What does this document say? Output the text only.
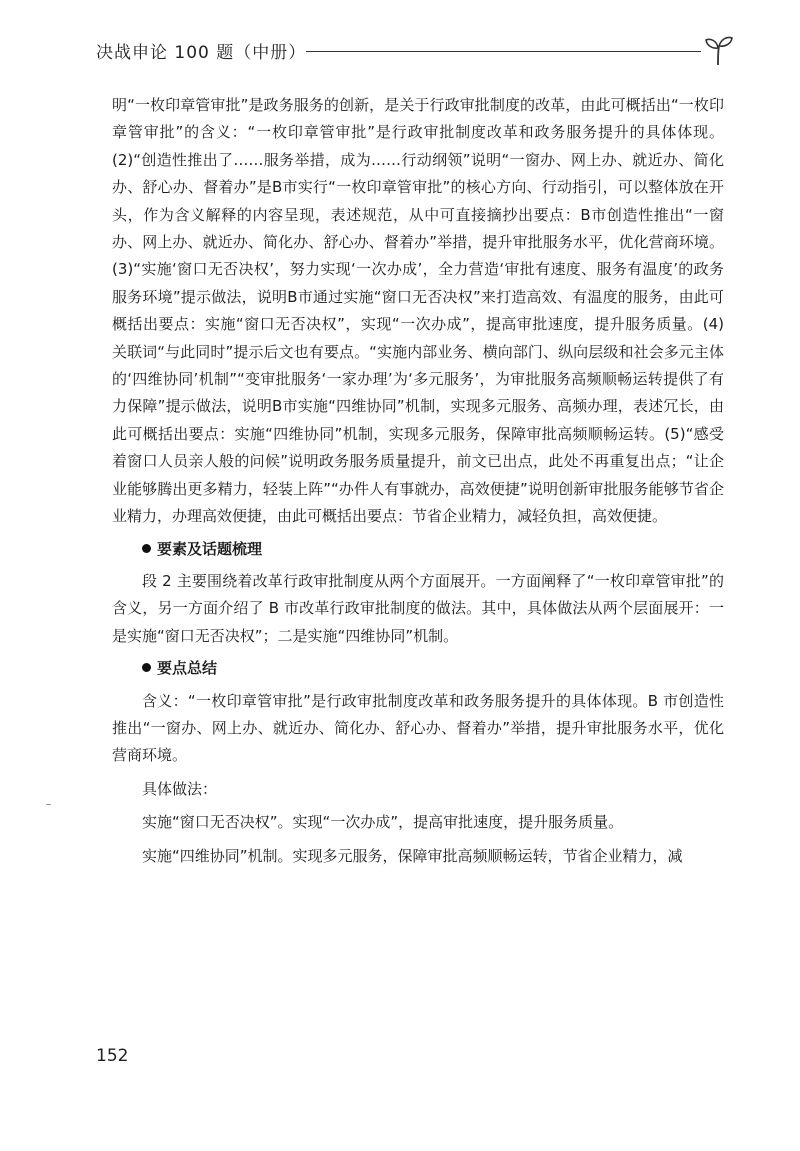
决战申论 100 题（中册）

明“一枚印章管审批”是政务服务的创新，是关于行政审批制度的改革，由此可概括出“一枚印章管审批”的含义：“一枚印章管审批”是行政审批制度改革和政务服务提升的具体体现。(2)“创造性推出了……服务举措，成为……行动纲领”说明“一窗办、网上办、就近办、简化办、舒心办、督着办”是B市实行“一枚印章管审批”的核心方向、行动指引，可以整体放在开头，作为含义解释的内容呈现，表述规范，从中可直接摘抄出要点：B市创造性推出“一窗办、网上办、就近办、简化办、舒心办、督着办”举措，提升审批服务水平，优化营商环境。(3)“实施‘窗口无否决权’，努力实现‘一次办成’，全力营造‘审批有速度、服务有温度’的政务服务环境”提示做法，说明B市通过实施“窗口无否决权”来打造高效、有温度的服务，由此可概括出要点：实施“窗口无否决权”，实现“一次办成”，提高审批速度，提升服务质量。(4) 关联词“与此同时”提示后文也有要点。“实施内部业务、横向部门、纵向层级和社会多元主体的‘四维协同’机制”“变审批服务‘一家办理’为‘多元服务’，为审批服务高频顺畅运转提供了有力保障”提示做法，说明B市实施“四维协同”机制，实现多元服务、高频办理，表述冗长，由此可概括出要点：实施“四维协同”机制，实现多元服务，保障审批高频顺畅运转。(5)“感受着窗口人员亲人般的问候”说明政务服务质量提升，前文已出点，此处不再重复出点；“让企业能够腾出更多精力，轻装上阵”“办件人有事就办，高效便捷”说明创新审批服务能够节省企业精力，办理高效便捷，由此可概括出要点：节省企业精力，减轻负担，高效便捷。

要素及话题梳理

段 2 主要围绕着改革行政审批制度从两个方面展开。一方面阐释了“一枚印章管审批”的含义，另一方面介绍了 B 市改革行政审批制度的做法。其中，具体做法从两个层面展开：一是实施“窗口无否决权”；二是实施“四维协同”机制。

要点总结

含义：“一枚印章管审批”是行政审批制度改革和政务服务提升的具体体现。B 市创造性推出“一窗办、网上办、就近办、简化办、舒心办、督着办”举措，提升审批服务水平，优化营商环境。

具体做法：

实施“窗口无否决权”。实现“一次办成”，提高审批速度，提升服务质量。

实施“四维协同”机制。实现多元服务，保障审批高频顺畅运转，节省企业精力，减

152
